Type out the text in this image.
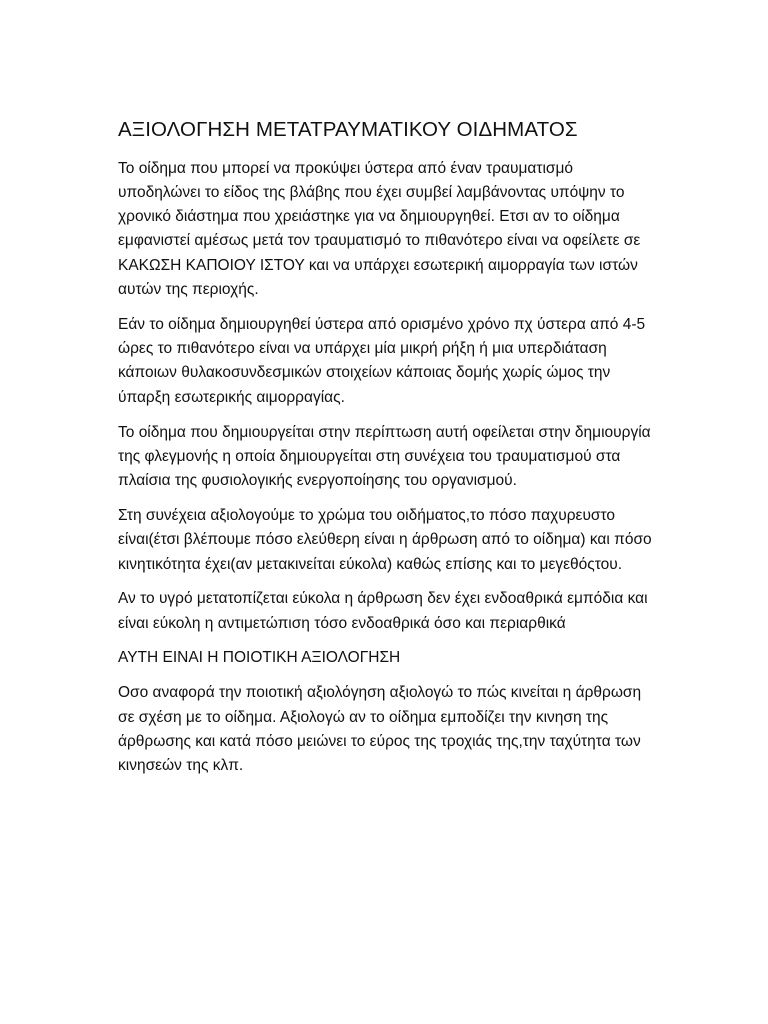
ΑΞΙΟΛΟΓΗΣΗ ΜΕΤΑΤΡΑΥΜΑΤΙΚΟΥ ΟΙΔΗΜΑΤΟΣ

Το οίδημα που μπορεί να προκύψει ύστερα από έναν τραυματισμό υποδηλώνει το είδος της βλάβης που έχει συμβεί λαμβάνοντας υπόψην το χρονικό διάστημα που χρειάστηκε για να δημιουργηθεί. Ετσι αν το οίδημα εμφανιστεί αμέσως μετά τον τραυματισμό το πιθανότερο είναι να οφείλετε σε ΚΑΚΩΣΗ ΚΑΠΟΙΟΥ ΙΣΤΟΥ και να υπάρχει εσωτερική αιμορραγία των ιστών αυτών της περιοχής.

Εάν το οίδημα δημιουργηθεί ύστερα από ορισμένο χρόνο πχ ύστερα από 4-5 ώρες το πιθανότερο είναι να υπάρχει μία μικρή ρήξη ή μια υπερδιάταση κάποιων θυλακοσυνδεσμικών στοιχείων κάποιας δομής χωρίς ώμος την ύπαρξη εσωτερικής αιμορραγίας.

Το οίδημα που δημιουργείται στην περίπτωση αυτή οφείλεται στην δημιουργία της φλεγμονής η οποία δημιουργείται στη συνέχεια του τραυματισμού στα πλαίσια της φυσιολογικής ενεργοποίησης του οργανισμού.

Στη συνέχεια αξιολογούμε το χρώμα του οιδήματος,το πόσο παχυρευστο είναι(έτσι βλέπουμε πόσο ελεύθερη είναι η άρθρωση από το οίδημα) και πόσο κινητικότητα έχει(αν μετακινείται εύκολα) καθώς επίσης και το μεγεθόςτου.

Αν το υγρό μετατοπίζεται εύκολα η άρθρωση δεν έχει ενδοαθρικά εμπόδια και είναι εύκολη η αντιμετώπιση τόσο ενδοαθρικά όσο και περιαρθικά

ΑΥΤΗ ΕΙΝΑΙ Η ΠΟΙΟΤΙΚΗ ΑΞΙΟΛΟΓΗΣΗ

Οσο αναφορά την ποιοτική αξιολόγηση αξιολογώ το πώς κινείται η άρθρωση σε σχέση με το οίδημα. Αξιολογώ αν το οίδημα εμποδίζει την κινηση της άρθρωσης και κατά πόσο μειώνει το εύρος της τροχιάς της,την ταχύτητα των κινησεών της κλπ.
